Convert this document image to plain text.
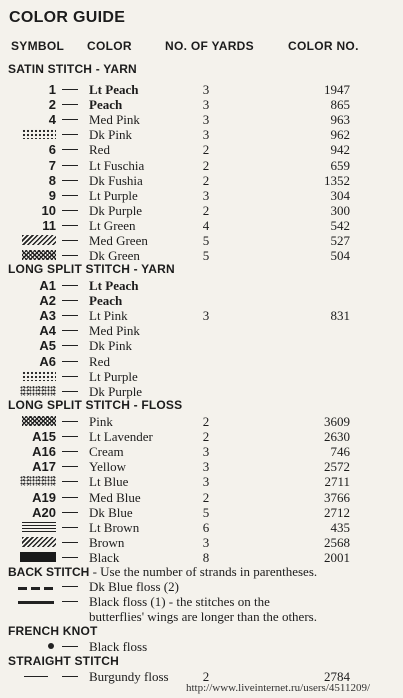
COLOR GUIDE
SYMBOL COLOR	NO. OF YARDS	COLOR NO.
SATIN STITCH - YARN
1	Lt Peach	3	1947
2	Peach	3	865
4	Med Pink	3	963
Dk Pink	3	962
6	Red	2	942
7	Lt Fuschia	2	659
8	Dk Fushia	2	1352
9	Lt Purple	3	304
10	Dk Purple	2	300
11	Lt Green	4	542
Med Green	5	527
Dk Green	5	504
LONG SPLIT STITCH - YARN
A1	Lt Peach
A2	Peach
A3	Lt Pink	3	831
A4	Med Pink
A5	Dk Pink
A6	Red
Lt Purple
Dk Purple
LONG SPLIT STITCH - FLOSS
Pink	2	3609
A15	Lt Lavender	2	2630
A16	Cream	3	746
A17	Yellow	3	2572
Lt Blue	3	2711
A19	Med Blue	2	3766
A20	Dk Blue	5	2712
Lt Brown	6	435
Brown	3	2568
Black	8	2001
BACK STITCH - Use the number of strands in parentheses.
Dk Blue floss (2)
Black floss (1) - the stitches on the
butterflies' wings are longer than the others.
FRENCH KNOT
Black floss
STRAIGHT STITCH
Burgundy floss	2	2784
http://www.liveinternet.ru/users/4511209/
